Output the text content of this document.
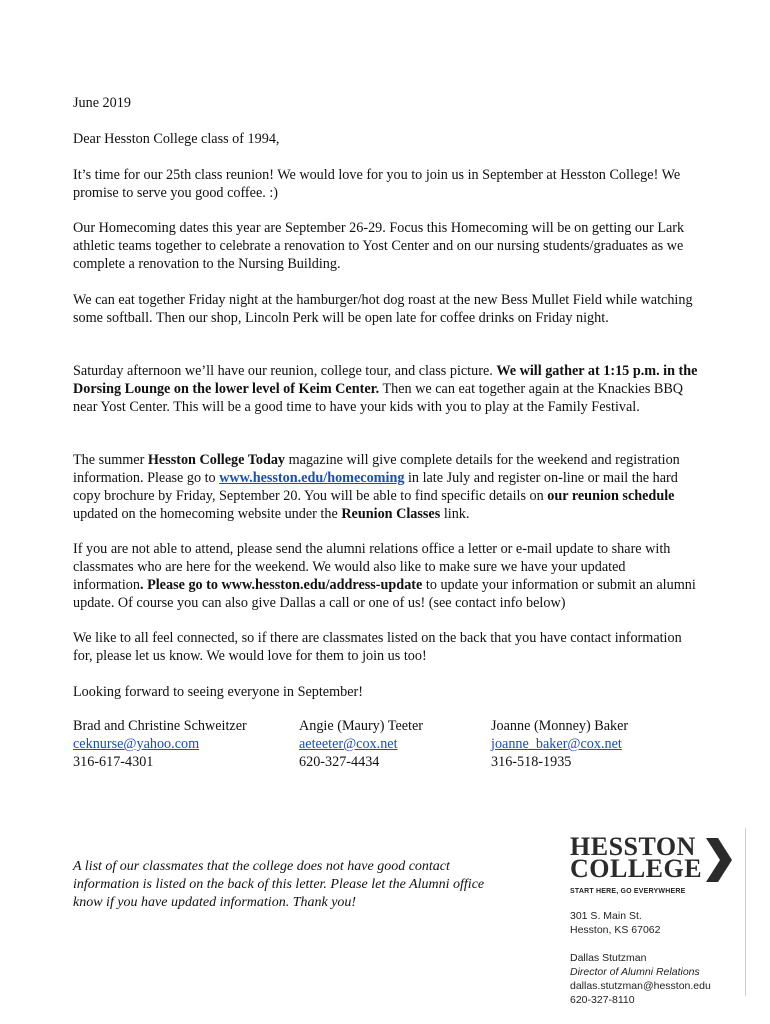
June 2019
Dear Hesston College class of 1994,

It’s time for our 25th class reunion! We would love for you to join us in September at Hesston College! We promise to serve you good coffee. :)

Our Homecoming dates this year are September 26-29. Focus this Homecoming will be on getting our Lark athletic teams together to celebrate a renovation to Yost Center and on our nursing students/graduates as we complete a renovation to the Nursing Building.

We can eat together Friday night at the hamburger/hot dog roast at the new Bess Mullet Field while watching some softball. Then our shop, Lincoln Perk will be open late for coffee drinks on Friday night.

Saturday afternoon we’ll have our reunion, college tour, and class picture. We will gather at 1:15 p.m. in the Dorsing Lounge on the lower level of Keim Center. Then we can eat together again at the Knackies BBQ near Yost Center. This will be a good time to have your kids with you to play at the Family Festival.

The summer Hesston College Today magazine will give complete details for the weekend and registration information. Please go to www.hesston.edu/homecoming in late July and register on-line or mail the hard copy brochure by Friday, September 20. You will be able to find specific details on our reunion schedule updated on the homecoming website under the Reunion Classes link.

If you are not able to attend, please send the alumni relations office a letter or e-mail update to share with classmates who are here for the weekend. We would also like to make sure we have your updated information. Please go to www.hesston.edu/address-update to update your information or submit an alumni update. Of course you can also give Dallas a call or one of us! (see contact info below)

We like to all feel connected, so if there are classmates listed on the back that you have contact information for, please let us know. We would love for them to join us too!

Looking forward to seeing everyone in September!

Brad and Christine Schweitzer
ceknurse@yahoo.com
316-617-4301
Angie (Maury) Teeter
aeteeter@cox.net
620-327-4434
Joanne (Monney) Baker
joanne_baker@cox.net
316-518-1935
A list of our classmates that the college does not have good contact information is listed on the back of this letter. Please let the Alumni office know if you have updated information. Thank you!
HESSTON
COLLEGE
START HERE, GO EVERYWHERE
301 S. Main St.
Hesston, KS 67062
Dallas Stutzman
Director of Alumni Relations
dallas.stutzman@hesston.edu
620-327-8110
